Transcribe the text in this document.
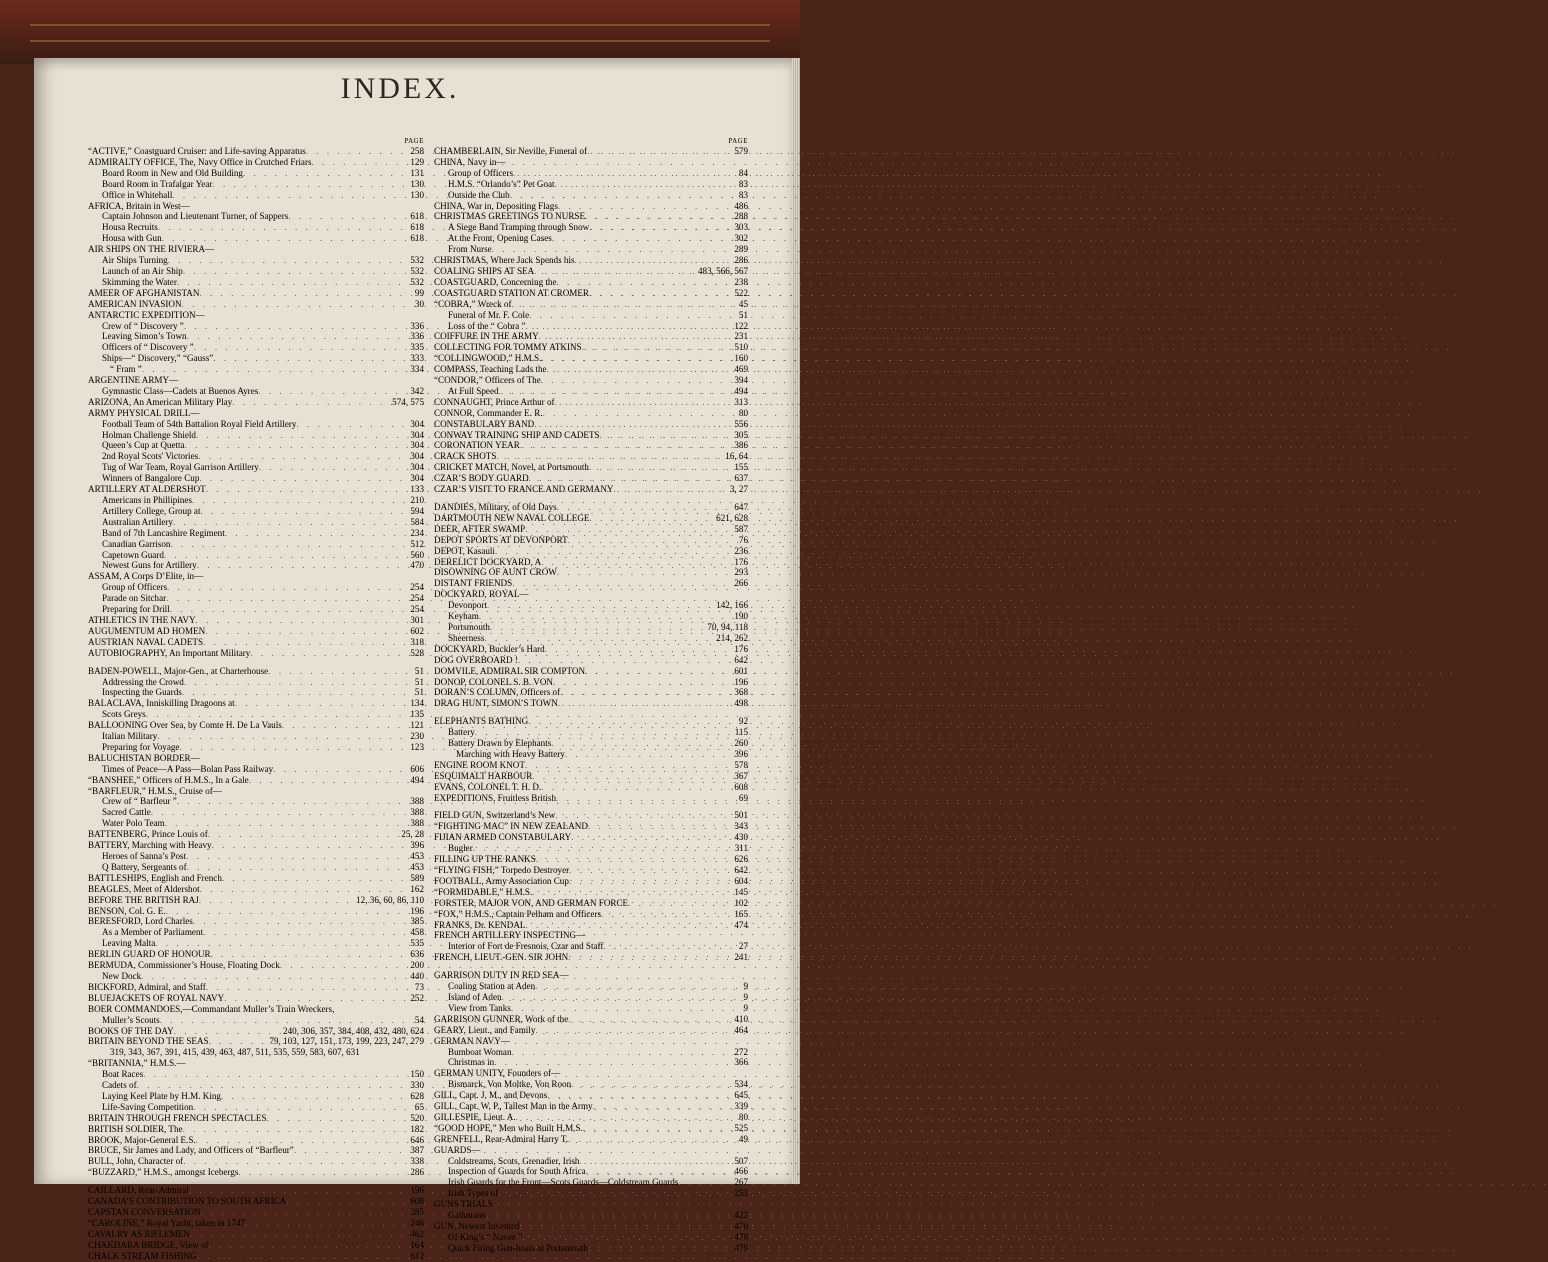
INDEX.
PAGE
“ACTIVE,” Coastguard Cruiser: and Life-saving Apparatus . . .	258
ADMIRALTY OFFICE, The, Navy Office in Crutched Friars . . .	129
Board Room in New and Old Building . . .	131
Board Room in Trafalgar Year . . .	130
Office in Whitehall . . .	130
AFRICA, Britain in West—
Captain Johnson and Lieutenant Turner, of Sappers . . .	618
Housa Recruits . . .	618
Housa with Gun . . .	618
AIR SHIPS ON THE RIVIERA—
Air Ships Turning . . .	532
Launch of an Air Ship . . .	532
Skimming the Water . . .	532
AMEER OF AFGHANISTAN . . .	99
AMERICAN INVASION . . .	30
ANTARCTIC EXPEDITION—
Crew of “ Discovery ” . . .	336
Leaving Simon’s Town . . .	336
Officers of “ Discovery ” . . .	335
Ships—“ Discovery,” “Gauss” . . .	333
“ Fram ” . . .	334
ARGENTINE ARMY—
Gymnastic Class—Cadets at Buenos Ayres . . .	342
ARIZONA, An American Military Play . . .	574, 575
ARMY PHYSICAL DRILL—
Football Team of 54th Battalion Royal Field Artillery . . .	304
Holman Challenge Shield . . .	304
Queen’s Cup at Quetta . . .	304
2nd Royal Scots' Victories . . .	304
Tug of War Team, Royal Garrison Artillery . . .	304
Winners of Bangalore Cup . . .	304
ARTILLERY AT ALDERSHOT . . .	133
Americans in Phillipines . . .	210
Artillery College, Group at . . .	594
Australian Artillery . . .	584
Band of 7th Lancashire Regiment . . .	234
Canadian Garrison . . .	512
Capetown Guard . . .	560
Newest Guns for Artillery . . .	470
ASSAM, A Corps D’Elite, in—
Group of Officers . . .	254
Parade on Sitchar . . .	254
Preparing for Drill . . .	254
ATHLETICS IN THE NAVY . . .	301
AUGUMENTUM AD HOMEN . . .	602
AUSTRIAN NAVAL CADETS . . .	318
AUTOBIOGRAPHY, An Important Military . . .	528
BADEN-POWELL, Major-Gen., at Charterhouse . . .	51
Addressing the Crowd . . .	51
Inspecting the Guards . . .	51
BALACLAVA, Inniskilling Dragoons at . . .	134
Scots Greys . . .	135
BALLOONING Over Sea, by Comte H. De La Vauls . . .	121
Italian Military . . .	230
Preparing for Voyage . . .	123
BALUCHISTAN BORDER—
Times of Peace—A Pass—Bolan Pass Railway . . .	606
“BANSHEE,” Officers of H.M.S., In a Gale . . .	494
“BARFLEUR,” H.M.S., Cruise of—
Crew of “ Barfleur ” . . .	388
Sacred Cattle . . .	388
Water Polo Team . . .	388
BATTENBERG, Prince Louis of . . .	25, 28
BATTERY, Marching with Heavy . . .	396
Heroes of Sanna’s Post . . .	453
Q Battery, Sergeants of . . .	453
BATTLESHIPS, English and French . . .	589
BEAGLES, Meet of Aldershot . . .	162
BEFORE THE BRITISH RAJ . . .	12, 36, 60, 86, 110
BENSON, Col. G. E. . . .	196
BERESFORD, Lord Charles . . .	385
As a Member of Parliament . . .	458
Leaving Malta . . .	535
BERLIN GUARD OF HONOUR . . .	636
BERMUDA, Commissioner’s House, Floating Dock . . .	200
New Dock . . .	440
BICKFORD, Admiral, and Staff . . .	73
BLUEJACKETS OF ROYAL NAVY . . .	252
BOER COMMANDOES,—Commandant Muller’s Train Wreckers,
Muller’s Scouts . . .	54
BOOKS OF THE DAY . . .	240, 306, 357, 384, 408, 432, 480, 624
BRITAIN BEYOND THE SEAS . . .	79, 103, 127, 151, 173, 199, 223, 247, 279
319, 343, 367, 391, 415, 439, 463, 487, 511, 535, 559, 583, 607, 631
“BRITANNIA,” H.M.S.—
Boat Races . . .	150
Cadets of . . .	330
Laying Keel Plate by H.M. King . . .	628
Life-Saving Competition . . .	65
BRITAIN THROUGH FRENCH SPECTACLES . . .	520
BRITISH SOLDIER, The . . .	182
BROOK, Major-General E.S. . . .	646
BRUCE, Sir James and Lady, and Officers of “Barfleur” . . .	387
BULL, John, Character of . . .	338
“BUZZARD,” H.M.S., amongst Icebergs . . .	286
CAILLARD, Rear-Admiral . . .	196
CANADA’S CONTRIBUTION TO SOUTH AFRICA . . .	608
CAPSTAN CONVERSATION . . .	285
“CAROLINE,” Royal Yacht, taken in 1747 . . .	246
CAVALRY AS RIFLEMEN . . .	462
CHAKDARA BRIDGE, View of . . .	164
CHALK STREAM FISHING . . .	612
PAGE
CHAMBERLAIN, Sir Neville, Funeral of . . .	579
CHINA, Navy in—
Group of Officers . . .	84
H.M.S. “Orlando’s” Pet Goat . . .	83
Outside the Club . . .	83
CHINA, War in, Depositing Flags . . .	486
CHRISTMAS GREETINGS TO NURSE . . .	288
A Siege Band Tramping through Snow . . .	303
At the Front, Opening Cases . . .	302
From Nurse . . .	289
CHRISTMAS, Where Jack Spends his . . .	286
COALING SHIPS AT SEA . . .	483, 566, 567
COASTGUARD, Concerning the . . .	238
COASTGUARD STATION AT CROMER . . .	522
“COBRA,” Wreck of . . .	45
Funeral of Mr. F. Cole . . .	51
Loss of the “ Cobra ” . . .	122
COIFFURE IN THE ARMY . . .	231
COLLECTING FOR TOMMY ATKINS . . .	510
“COLLINGWOOD,” H.M.S. . . .	160
COMPASS, Teaching Lads the . . .	469
“CONDOR,” Officers of The . . .	394
At Full Speed . . .	494
CONNAUGHT, Prince Arthur of . . .	313
CONNOR, Commander E. R. . . .	80
CONSTABULARY BAND . . .	556
CONWAY TRAINING SHIP AND CADETS . . .	305
CORONATION YEAR . . .	386
CRACK SHOTS . . .	16, 64
CRICKET MATCH, Novel, at Portsmouth . . .	155
CZAR’S BODY GUARD . . .	637
CZAR’S VISIT TO FRANCE AND GERMANY . . .	3, 27
DANDIES, Military, of Old Days . . .	647
DARTMOUTH NEW NAVAL COLLEGE . . .	621, 628
DEER, AFTER SWAMP . . .	587
DEPOT SPORTS AT DEVONPORT . . .	76
DEPOT, Kasauli . . .	236
DERELICT DOCKYARD, A . . .	176
DISOWNING OF AUNT CROW . . .	293
DISTANT FRIENDS . . .	266
DOCKYARD, ROYAL—
Devonport . . .	142, 166
Keyham . . .	190
Portsmouth . . .	70, 94, 118
Sheerness . . .	214, 262
DOCKYARD, Buckler’s Hard . . .	176
DOG OVERBOARD ! . . .	642
DOMVILE, ADMIRAL SIR COMPTON . . .	601
DONOP, COLONEL S. B. VON . . .	196
DORAN’S COLUMN, Officers of . . .	368
DRAG HUNT, SIMON’S TOWN . . .	498
ELEPHANTS BATHING . . .	92
Battery . . .	115
Battery Drawn by Elephants . . .	260
Marching with Heavy Battery . . .	396
ENGINE ROOM KNOT . . .	578
ESQUIMALT HARBOUR . . .	367
EVANS, COLONEL T. H. D. . . .	608
EXPEDITIONS, Fruitless British . . .	69
FIELD GUN, Switzerland’s New . . .	501
“FIGHTING MAC” IN NEW ZEALAND . . .	343
FIJIAN ARMED CONSTABULARY . . .	430
Bugler . . .	311
FILLING UP THE RANKS . . .	626
“FLYING FISH,” Torpedo Destroyer . . .	642
FOOTBALL, Army Association Cup . . .	604
“FORMIDABLE,” H.M.S. . . .	145
FORSTER, MAJOR VON, AND GERMAN FORCE . . .	102
“FOX,” H.M.S., Captain Pelham and Officers . . .	165
FRANKS, Dr. KENDAL . . .	474
FRENCH ARTILLERY INSPECTING—
Interior of Fort de Fresnois, Czar and Staff . . .	27
FRENCH, LIEUT.-GEN. SIR JOHN . . .	241
GARRISON DUTY IN RED SEA—
Coaling Station at Aden . . .	9
Island of Aden . . .	9
View from Tanks . . .	9
GARRISON GUNNER, Work of the . . .	410
GEARY, Lieut., and Family . . .	464
GERMAN NAVY—
Bumboat Woman . . .	272
Christmas in . . .	366
GERMAN UNITY, Founders of—
Bismarck, Von Moltke, Von Roon . . .	534
GILL, Capt. J. M., and Devons . . .	645
GILL, Capt. W. P., Tallest Man in the Army . . .	339
GILLESPIE, Lieut. A. . . .	80
“GOOD HOPE,” Men who Built H.M.S. . . .	525
GRENFELL, Rear-Admiral Harry T. . . .	49
GUARDS—
Coldstreams, Scots, Grenadier, Irish . . .	507
Inspection of Guards for South Africa . . .	466
Irish Guards for the Front—Scots Guards—Coldstream Guards . . .	267
Irish Types of . . .	253
GUNS TRIALS
Gathmann . . .	422
GUN, Newest Invented . . .	470
Of King’s “ Navee ” . . .	478
Quick Firing Gun-boats at Portsmouth . . .	479
